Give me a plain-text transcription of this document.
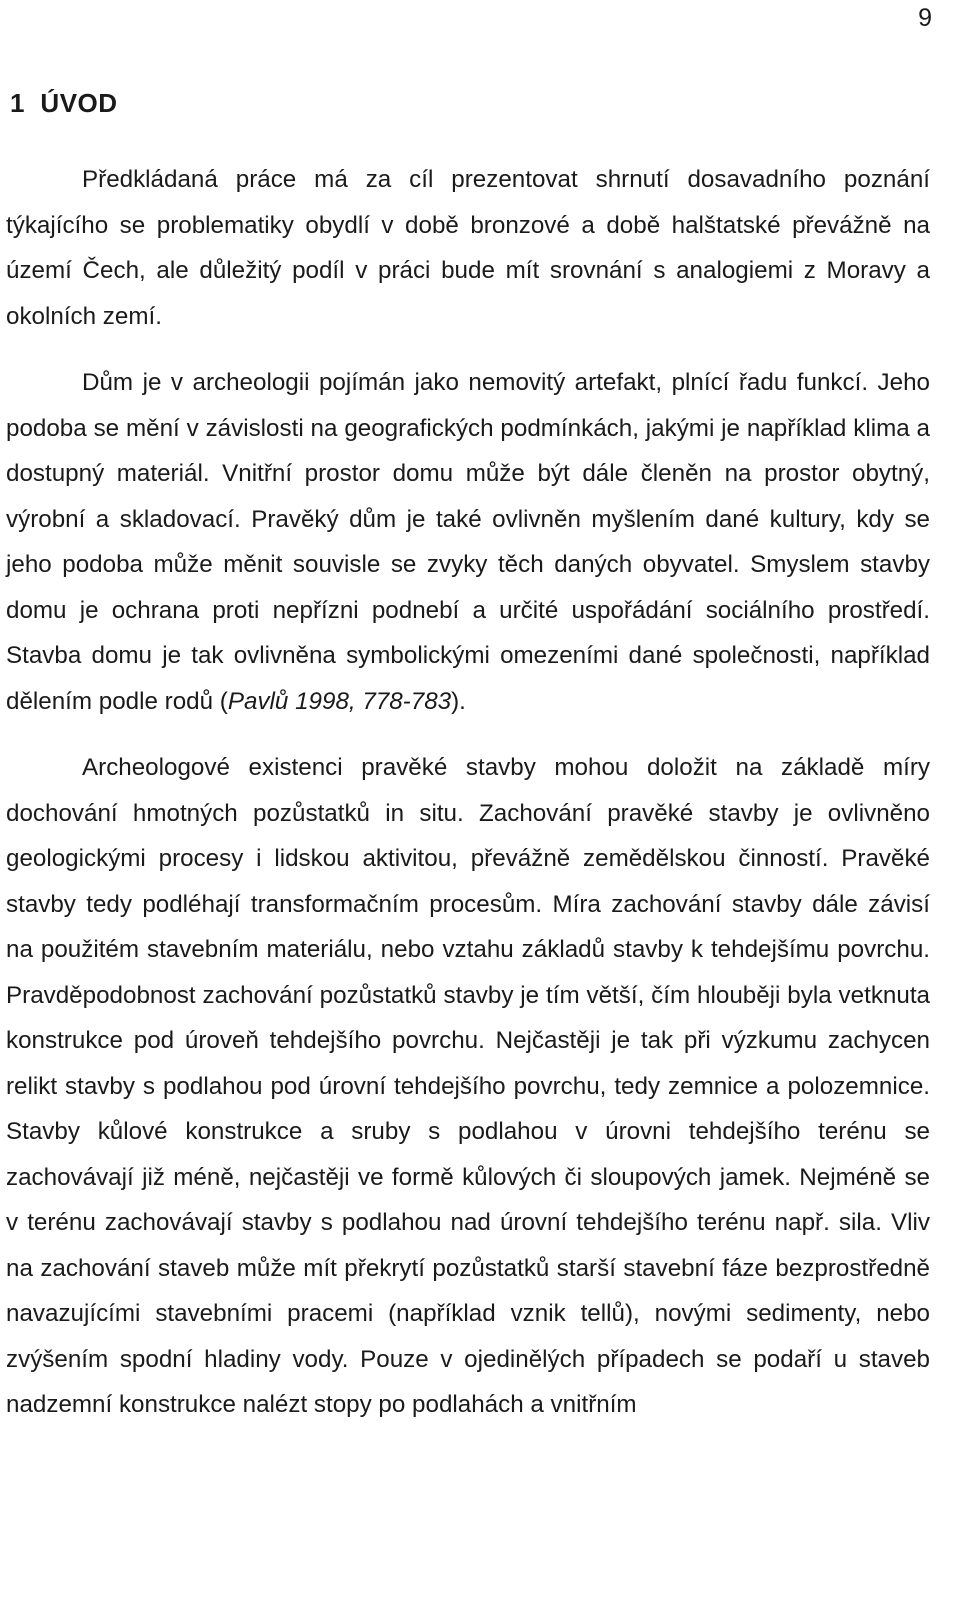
9
1 ÚVOD

Předkládaná práce má za cíl prezentovat shrnutí dosavadního poznání týkajícího se problematiky obydlí v době bronzové a době halštatské převážně na území Čech, ale důležitý podíl v práci bude mít srovnání s analogiemi z Moravy a okolních zemí.

Dům je v archeologii pojímán jako nemovitý artefakt, plnící řadu funkcí. Jeho podoba se mění v závislosti na geografických podmínkách, jakými je například klima a dostupný materiál. Vnitřní prostor domu může být dále členěn na prostor obytný, výrobní a skladovací. Pravěký dům je také ovlivněn myšlením dané kultury, kdy se jeho podoba může měnit souvisle se zvyky těch daných obyvatel. Smyslem stavby domu je ochrana proti nepřízni podnebí a určité uspořádání sociálního prostředí. Stavba domu je tak ovlivněna symbolickými omezeními dané společnosti, například dělením podle rodů (Pavlů 1998, 778-783).

Archeologové existenci pravěké stavby mohou doložit na základě míry dochování hmotných pozůstatků in situ. Zachování pravěké stavby je ovlivněno geologickými procesy i lidskou aktivitou, převážně zemědělskou činností. Pravěké stavby tedy podléhají transformačním procesům. Míra zachování stavby dále závisí na použitém stavebním materiálu, nebo vztahu základů stavby k tehdejšímu povrchu. Pravděpodobnost zachování pozůstatků stavby je tím větší, čím hlouběji byla vetknuta konstrukce pod úroveň tehdejšího povrchu. Nejčastěji je tak při výzkumu zachycen relikt stavby s podlahou pod úrovní tehdejšího povrchu, tedy zemnice a polozemnice. Stavby kůlové konstrukce a sruby s podlahou v úrovni tehdejšího terénu se zachovávají již méně, nejčastěji ve formě kůlových či sloupových jamek. Nejméně se v terénu zachovávají stavby s podlahou nad úrovní tehdejšího terénu např. sila. Vliv na zachování staveb může mít překrytí pozůstatků starší stavební fáze bezprostředně navazujícími stavebními pracemi (například vznik tellů), novými sedimenty, nebo zvýšením spodní hladiny vody. Pouze v ojedinělých případech se podaří u staveb nadzemní konstrukce nalézt stopy po podlahách a vnitřním
